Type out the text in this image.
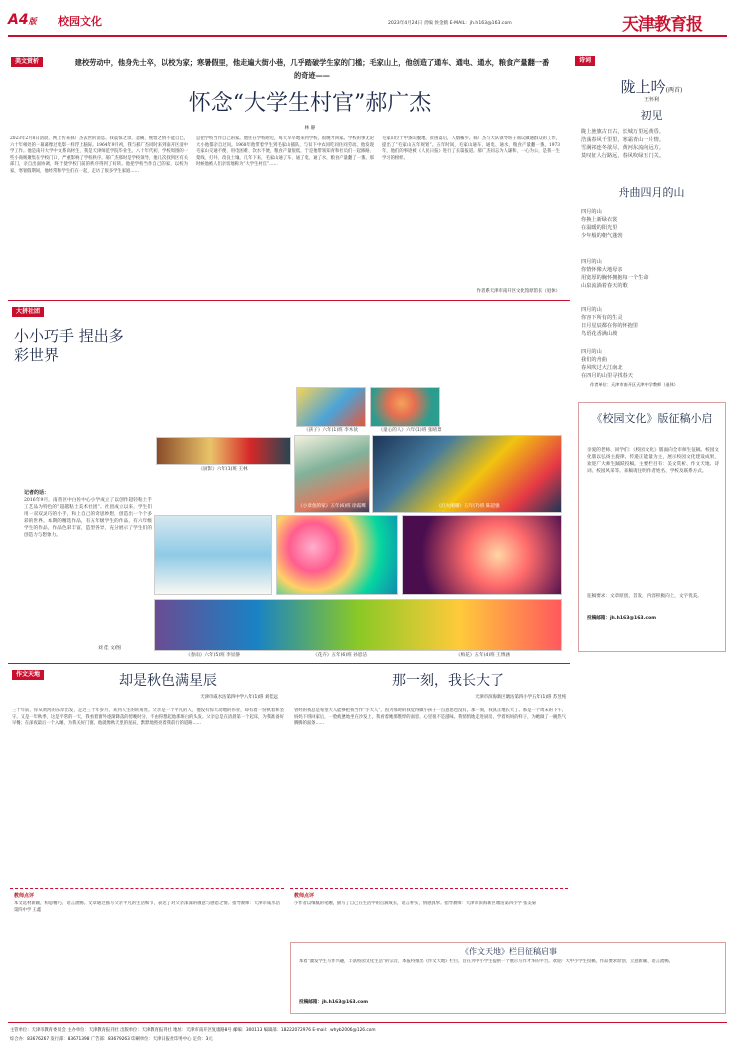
A4版 校园文化	2023年4月24日 责编 侯金鹤 E-MAIL：jh.h163@163.com	天津教育报
美文赏析	建校劳动中，他身先士卒，以校为家；寒暑假里，他走遍大街小巷，几乎踏破学生家的门槛；毛家山上，他创造了通车、通电、通水，粮食产量翻一番的奇迹——
怀念“大学生村官”郝广杰
林 静
2023年2月8日清晨，网上传来郝广杰去世的消息。我震惊之余，悲痛、惋惜之情不能自已，六十年相处的一幕幕像过电影一样浮上脑际。1964年9月初，我与郝广杰同时来到南开区清中学工作。他是南开大学中文系高材生，我是天津师范学院毕业生。八十年代初，学校周围的一些小商贩聚集在学校门口，严重影响了学校秩序。郝广杰那时是学校领导，他几次找到区有关部门，亲自出面协调，终于使学校门前的秩序得到了好转。他把学校当作自己的家，以校为家，寒暑假期间，他经常和学生们在一起，走访了很多学生家庭……
总把学校当作自己的家。他住在学校附近，每天早早地来到学校，很晚才回家。学校的事无论大小他都亲自过问。1968年他带着学生到毛家山插队，与贫下中农同吃同住同劳动。他发现毛家山交通不便、用电困难、饮水不便，粮食产量很低，于是他带领知青和社员们一起修路、架线、打井、改良土壤，几年下来，毛家山通了车、通了电、通了水，粮食产量翻了一番。那时候他被人们亲切地称为“大学生村官”……
毛家山位于中条山腹地，贫困落后，人烟稀少。郝广杰与大队领导班子商议做通群众的工作，提出了“毛家山五年规划”。五年时间，毛家山通车、通电、通水，粮食产量翻一番。1973年，他们的事迹被《人民日报》进行了长篇报道。郝广杰同志为人谦和，一心为公，是我一生学习的榜样。
作者系天津市南开区文化馆原馆长（退休）
诗词
陇上吟(两首)
王怀利
初见
陇上旌旗古日古，长城万里远黄昏。
浩荡春风千里里，寒霜青山一片情。
雪满祁连冬欲尽，黄河东流向远方。
莫叹征人行路远，春风吹绿玉门关。
舟曲四月的山
四月的山
你换上新绿衣裳
在温暖的阳光里
少年般的朝气蓬勃
四月的山
你情怀像大地母亲
用宽厚的胸怀拥抱每一个生命
山泉流淌着春天的歌
四月的山
你容下所有的生灵
日月星辰都在你的怀抱里
鸟语花香满山坡
四月的山
我们的舟曲
春风吹过大江南北
在四月的山里寻找春天
作者单位：天津市南开区天津中学教师（退休）
《校园文化》版征稿小启
亲爱的老师、同学们：《校园文化》版面向全市师生征稿。校园文化版以弘扬主旋律、传递正能量为主，展示校园文化建设成果，欢迎广大师生踊跃投稿。主要栏目有：美文赏析、作文天地、诗词、校园风采等。来稿请注明作者姓名、学校及联系方式。
征稿要求：文章原创，首发，内容积极向上，文字优美。
投稿邮箱：jh.h163@163.com
大拼社团
小小巧手 捏出多彩世界
记者的话：
2016年9月，南普区中白佐中心小学成立了以创作超轻粘土手工艺品为特色的“超越粘土美术社团”。社团成立以来，学生们用一双双灵巧的小手，和上自己的奇思妙想，创造出一个个多彩的世界。本期的精选作品，有五年级学生的作品，有六年级学生的作品，作品色彩丰富，造型各异，充分展示了学生们的创造力与想象力。
刘 佳 文/图
《孩子》六年(1)班 李木伙	《童心的人》六年(1)班 张晴景
《厨影》六年(1)班 王林
《小章鱼的家》五年(6)班 徐霜鹰	《灯火阑珊》五年(7)班 陈超强
《春雨》六年(5)班 李显静	《花卉》五年(6)班 孙恩洁	《梅花》五年(4)班 王博涵
作文天地	却是秋色满星辰
天津市咸水沽第四中学八年(1)班 刘佳远
三十年前，你从黄河的东岸出发，走过三十年岁月，来到人生的转角处。父亲是一个平凡的人，他没有惊天动地的伟业，却有着一份执着和坚守。又是一年秋季，这是平常的一天，我看着窗外逐渐降落的傍晚时分，不由得想起他那斑白的头发。父亲总是在清晨第一个起床，为我准备好早餐；在深夜最后一个入睡，为我关好门窗。他就像秋天里的星辰，默默地照亮着我前行的道路……
那一刻，我长大了
天津市滨海新区塘沽第四小学五年(1)班 苏昱纯
曾经的我总是希望大人能够把我当作“小大人”，因为那时的我觉得做小孩子一点意思也没有。那一刻，我真正地长大了。那是一个周末的下午，妈妈下班回家后，一脸疲惫地坐在沙发上，我看着她那憔悴的面容，心里很不是滋味。我悄悄地走进厨房，学着妈妈的样子，为她做了一碗热气腾腾的面条……
教师点评
本文选材新颖，构思精巧，语言流畅。文章通过描写父亲平凡的生活细节，表达了对父亲深深的敬意与感恩之情。指导教师：天津市咸水沽第四中学 王鑫
教师点评
小作者以细腻的笔触，描写了自己在生活中的点滴成长，语言朴实，情感真挚。指导教师：天津市滨海新区塘沽第四小学 张美菊
《作文天地》栏目征稿启事
本着“激发学生写作兴趣，丰富校园文化生活”的宗旨，本报特推出《作文天地》栏目，旨在为中小学生提供一个展示写作才华的平台。欢迎广大中小学生投稿，作品要求原创、立意新颖、语言流畅。
投稿邮箱：jh.h163@163.com
主管单位：天津市教育委员会 主办单位：天津教育报刊社 出版单位：天津教育报刊社 地址：天津市南开区复康路8号 邮编：300113 编辑部：18222072976 E-mail：whyb2006@126.com
综合办：83676267 发行部：83671398 广告部：83679263 印刷单位：天津日报社印务中心 定价：3元
